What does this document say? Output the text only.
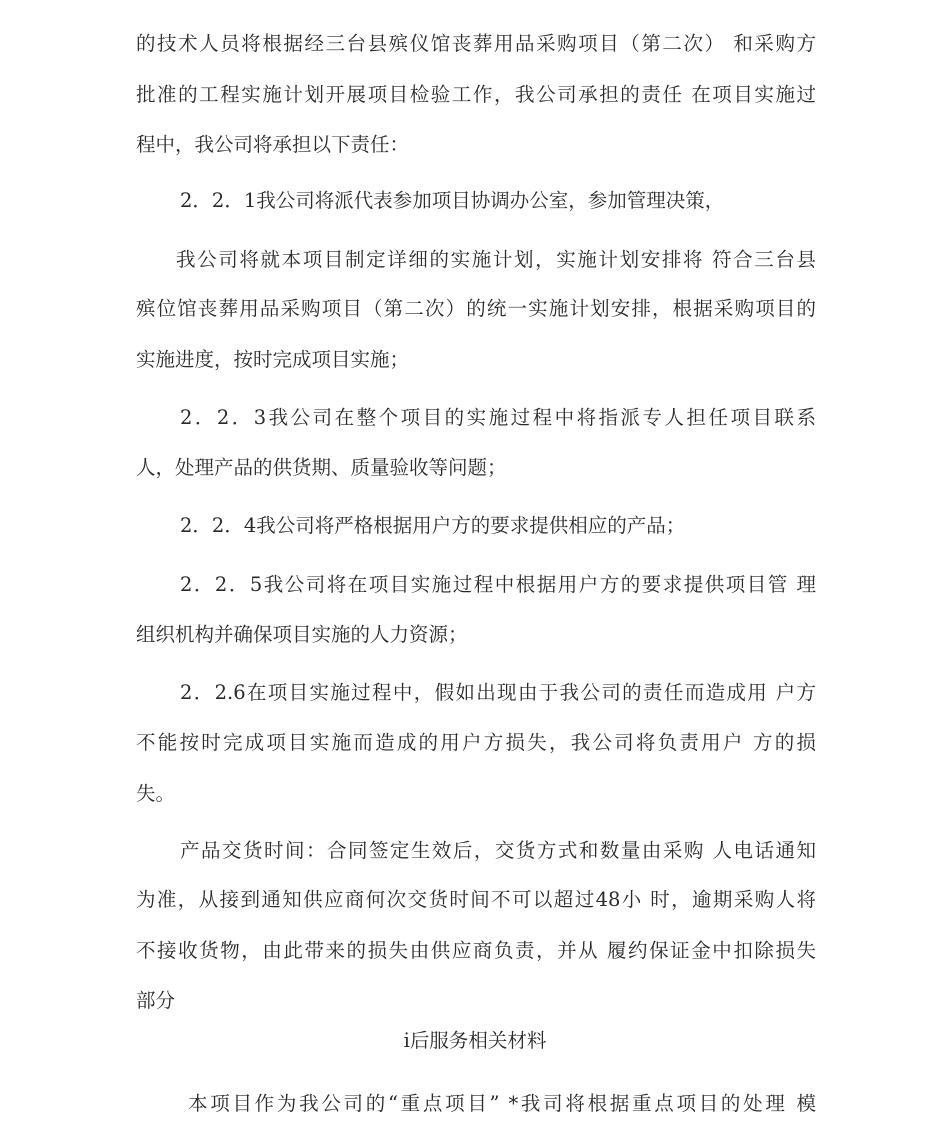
的技术人员将根据经三台县殡仪馆丧葬用品采购项目（第二次） 和采购方
批准的工程实施计划开展项目检验工作，我公司承担的责任 在项目实施过
程中，我公司将承担以下责任：
2．2．1我公司将派代表参加项目协调办公室，参加管理决策，
我公司将就本项目制定详细的实施计划，实施计划安排将 符合三台县
殡位馆丧葬用品采购项目（第二次）的统一实施计划安排，根据采购项目的
实施进度，按时完成项目实施；
2．2．3我公司在整个项目的实施过程中将指派专人担任项目联系
人，处理产品的供货期、质量验收等问题；
2．2．4我公司将严格根据用户方的要求提供相应的产品；
2．2．5我公司将在项目实施过程中根据用户方的要求提供项目管 理
组织机构并确保项目实施的人力资源；
2．2.6在项目实施过程中，假如出现由于我公司的责任而造成用 户方
不能按时完成项目实施而造成的用户方损失，我公司将负责用户 方的损
失。
产品交货时间：合同签定生效后，交货方式和数量由采购 人电话通知
为准，从接到通知供应商何次交货时间不可以超过48小 时，逾期采购人将
不接收货物，由此带来的损失由供应商负责，并从 履约保证金中扣除损失
部分
i后服务相关材料
本项目作为我公司的“重点项目” *我司将根据重点项目的处理 模
